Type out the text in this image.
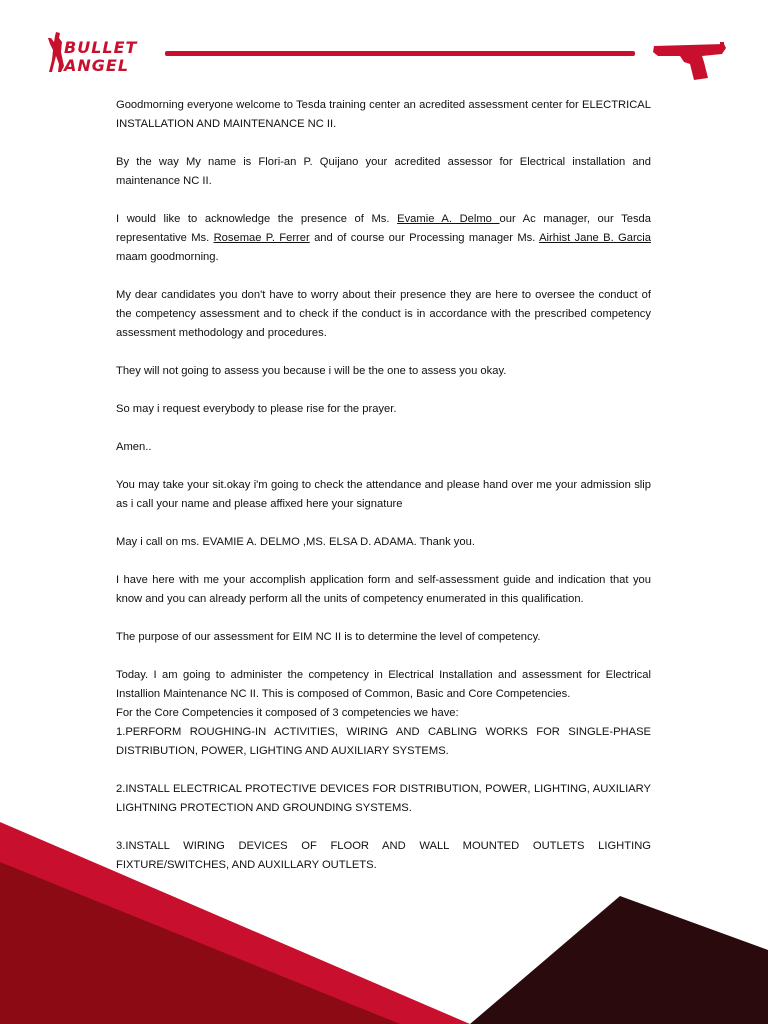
BULLET
ANGEL

Goodmorning everyone welcome to Tesda training center an acredited assessment center for ELECTRICAL INSTALLATION AND MAINTENANCE NC II.

By the way My name is Flori-an P. Quijano your acredited assessor for Electrical installation and maintenance NC II.

I would like to acknowledge the presence of Ms. Evamie A. Delmo our Ac manager, our Tesda representative Ms. Rosemae P. Ferrer and of course our Processing manager Ms. Airhist Jane B. Garcia maam goodmorning.

My dear candidates you don't have to worry about their presence they are here to oversee the conduct of the competency assessment and to check if the conduct is in accordance with the prescribed competency assessment methodology and procedures.

They will not going to assess you because i will be the one to assess you okay.

So may i request everybody to please rise for the prayer.

Amen..

You may take your sit.okay i'm going to check the attendance and please hand over me your admission slip as i call your name and please affixed here your signature

May i call on ms. EVAMIE A. DELMO ,MS. ELSA D. ADAMA. Thank you.

I have here with me your accomplish application form and self-assessment guide and indication that you know and you can already perform all the units of competency enumerated in this qualification.

The purpose of our assessment for EIM NC II is to determine the level of competency.

Today. I am going to administer the competency in Electrical Installation and assessment for Electrical Installion Maintenance NC II. This is composed of Common, Basic and Core Competencies.

For the Core Competencies it composed of 3 competencies we have:

1.PERFORM ROUGHING-IN ACTIVITIES, WIRING AND CABLING WORKS FOR SINGLE-PHASE DISTRIBUTION, POWER, LIGHTING AND AUXILIARY SYSTEMS.

2.INSTALL ELECTRICAL PROTECTIVE DEVICES FOR DISTRIBUTION, POWER, LIGHTING, AUXILIARY LIGHTNING PROTECTION AND GROUNDING SYSTEMS.

3.INSTALL WIRING DEVICES OF FLOOR AND WALL MOUNTED OUTLETS LIGHTING FIXTURE/SWITCHES, AND AUXILLARY OUTLETS.
